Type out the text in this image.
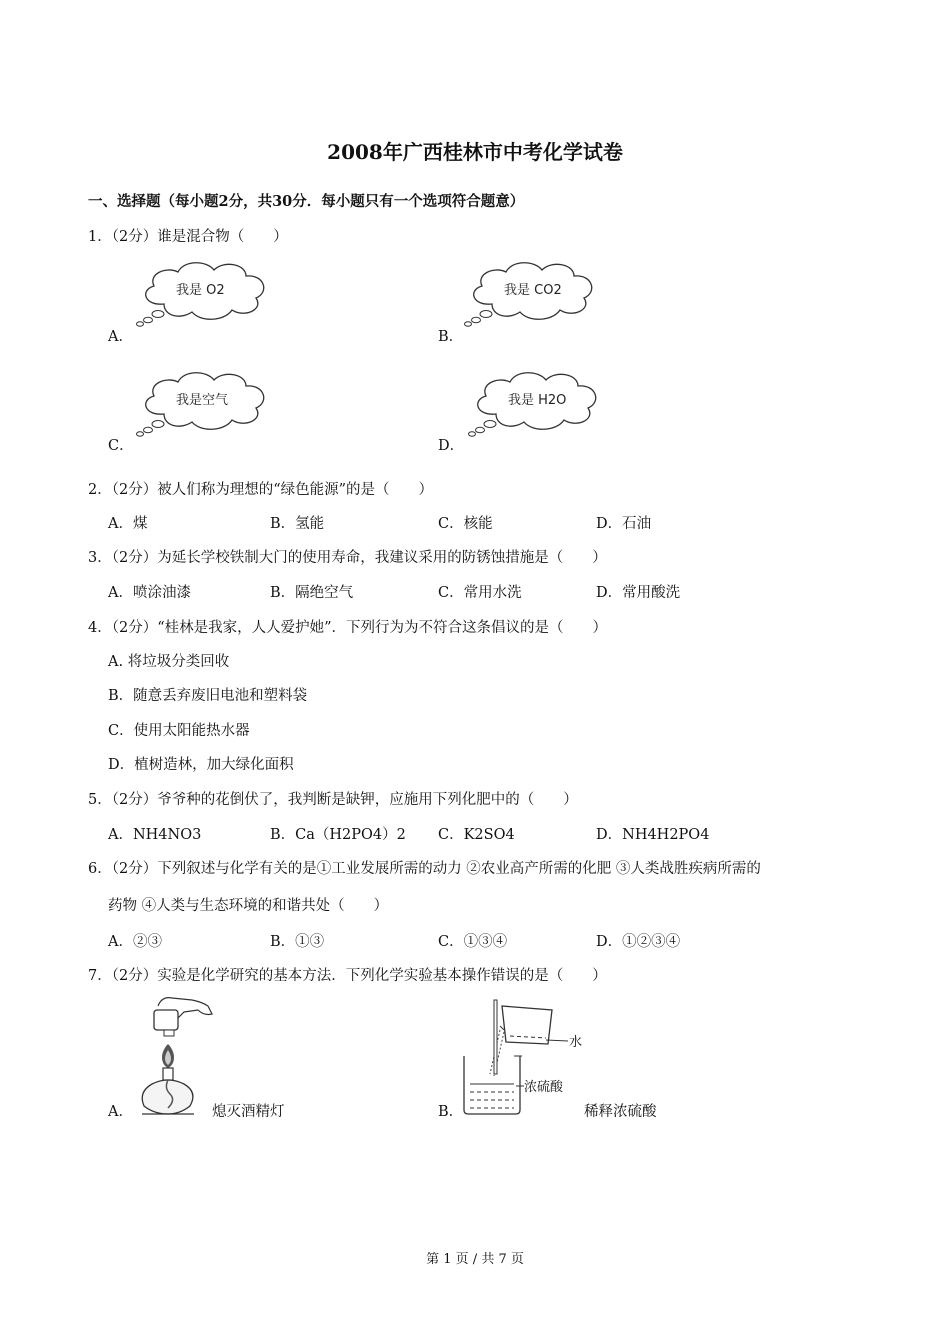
2008年广西桂林市中考化学试卷
一、选择题（每小题2分，共30分．每小题只有一个选项符合题意）
1．（2分）谁是混合物（　　）
A．
我是 O2
B．
我是 CO2
C．
我是空气
D．
我是 H2O
2．（2分）被人们称为理想的“绿色能源”的是（　　）
A．煤	B．氢能	C．核能	D．石油
3．（2分）为延长学校铁制大门的使用寿命，我建议采用的防锈蚀措施是（　　）
A．喷涂油漆	B．隔绝空气	C．常用水洗	D．常用酸洗
4．（2分）“桂林是我家，人人爱护她”．下列行为为不符合这条倡议的是（　　）
A. 将垃圾分类回收
B．随意丢弃废旧电池和塑料袋
C．使用太阳能热水器
D．植树造林，加大绿化面积
5．（2分）爷爷种的花倒伏了，我判断是缺钾，应施用下列化肥中的（　　）
A．NH4NO3	B．Ca（H2PO4）2 C．K2SO4	D．NH4H2PO4
6．（2分）下列叙述与化学有关的是①工业发展所需的动力 ②农业高产所需的化肥 ③人类战胜疾病所需的
药物 ④人类与生态环境的和谐共处（　　）
A．②③	B．①③	C．①③④	D．①②③④
7．（2分）实验是化学研究的基本方法．下列化学实验基本操作错误的是（　　）
A．	熄灭酒精灯	B．
水
浓硫酸
稀释浓硫酸
第 1 页 / 共 7 页
